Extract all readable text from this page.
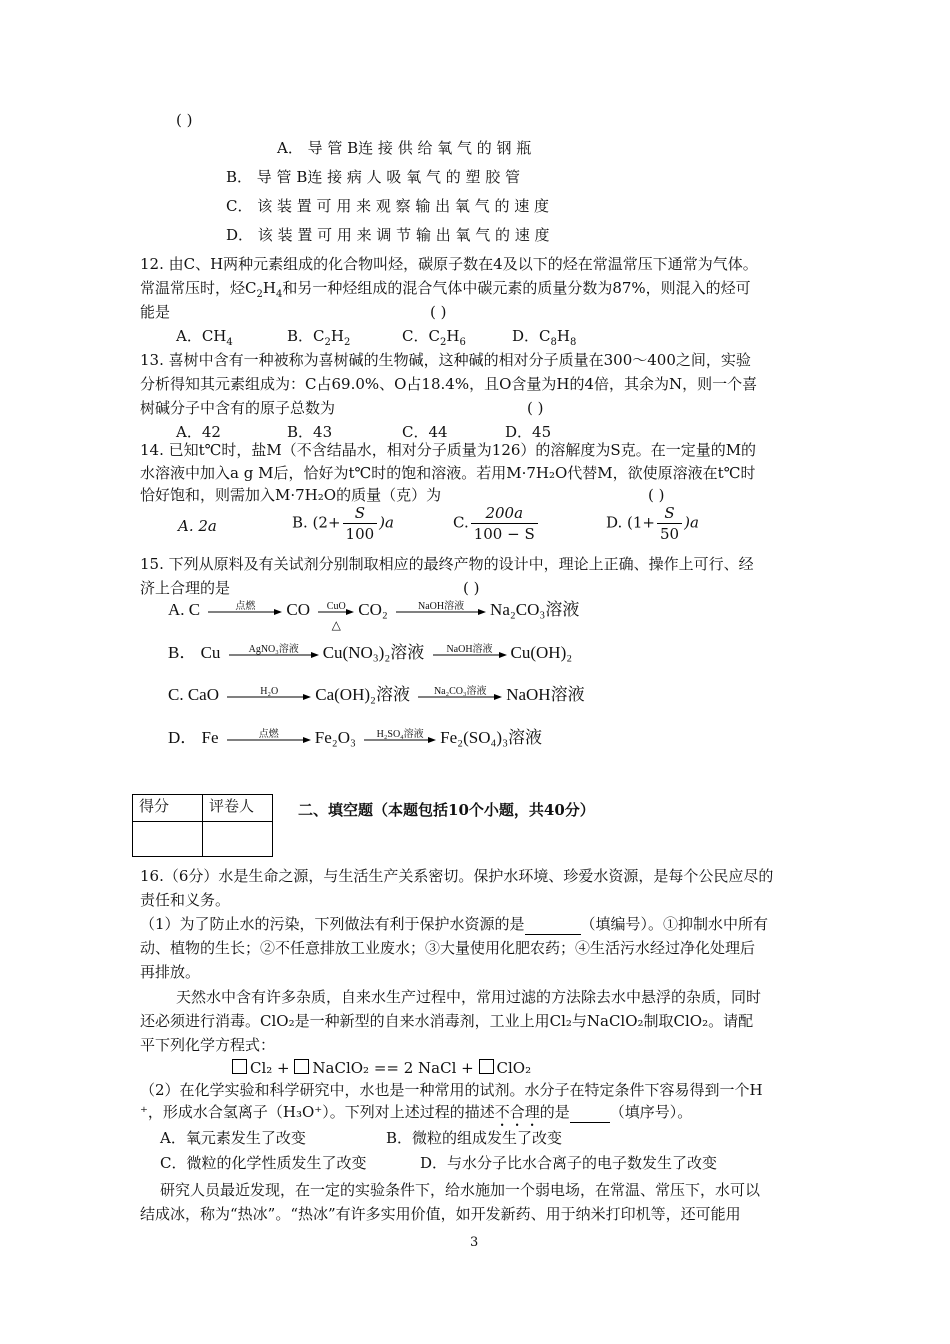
( )
A． 导 管 B连 接 供 给 氧 气 的 钢 瓶
B． 导 管 B连 接 病 人 吸 氧 气 的 塑 胶 管
C． 该 装 置 可 用 来 观 察 输 出 氧 气 的 速 度
D． 该 装 置 可 用 来 调 节 输 出 氧 气 的 速 度
12. 由C、H两种元素组成的化合物叫烃，碳原子数在4及以下的烃在常温常压下通常为气体。
常温常压时，烃$C_2H_4$和另一种烃组成的混合气体中碳元素的质量分数为87%，则混入的烃可
能是	( )
A．$CH_4$	B．$C_2H_2$	C．$C_2H_6$	D．$C_8H_8$
13. 喜树中含有一种被称为喜树碱的生物碱，这种碱的相对分子质量在300～400之间，实验
分析得知其元素组成为：C占69.0%、O占18.4%，且O含量为H的4倍，其余为N，则一个喜
树碱分子中含有的原子总数为	( )
A．42	B．43	C．44	D．45
14. 已知t℃时，盐M（不含结晶水，相对分子质量为126）的溶解度为S克。在一定量的M的
水溶液中加入a g M后，恰好为t℃时的饱和溶液。若用M·7H₂O代替M，欲使原溶液在t℃时
恰好饱和，则需加入M·7H₂O的质量（克）为	( )
A. 2a	B. $(2+ \frac{S}{100} )a$	C. $\frac{200a}{100 - S}$	D. $(1+ \frac{S}{50} )a$
15. 下列从原料及有关试剂分别制取相应的最终产物的设计中，理论上正确、操作上可行、经
济上合理的是	( )
A. C	点燃	CO	CuO
△
CO₂	NaOH溶液	Na₂CO₃溶液
B． Cu	AgNO₃溶液	Cu(NO₃)₂溶液	NaOH溶液	Cu(OH)₂
C. CaO	H₂O	Ca(OH)₂溶液	Na₂CO₃溶液	NaOH溶液
D． Fe	点燃	Fe₂O₃	H₂SO₄溶液 Fe₂(SO₄)₃溶液
得分	评卷人
		二、填空题（本题包括10个小题，共40分）
16.（6分）水是生命之源，与生活生产关系密切。保护水环境、珍爱水资源，是每个公民应尽的
责任和义务。
（1）为了防止水的污染，下列做法有利于保护水资源的是	（填编号）。①抑制水中所有
动、植物的生长；②不任意排放工业废水；③大量使用化肥农药；④生活污水经过净化处理后
再排放。
天然水中含有许多杂质，自来水生产过程中，常用过滤的方法除去水中悬浮的杂质，同时
还必须进行消毒。ClO₂是一种新型的自来水消毒剂，工业上用Cl₂与NaClO₂制取ClO₂。请配
平下列化学方程式：
Cl₂ + NaClO₂ == 2 NaCl + ClO₂
（2）在化学实验和科学研究中，水也是一种常用的试剂。水分子在特定条件下容易得到一个H
⁺，形成水合氢离子（H₃O⁺）。下列对上述过程的描述不合理的是	（填序号）。
A．氧元素发生了改变	B．微粒的组成发生了改变
C．微粒的化学性质发生了改变	D．与水分子比水合离子的电子数发生了改变
研究人员最近发现，在一定的实验条件下，给水施加一个弱电场，在常温、常压下，水可以
结成冰，称为“热冰”。“热冰”有许多实用价值，如开发新药、用于纳米打印机等，还可能用
3
